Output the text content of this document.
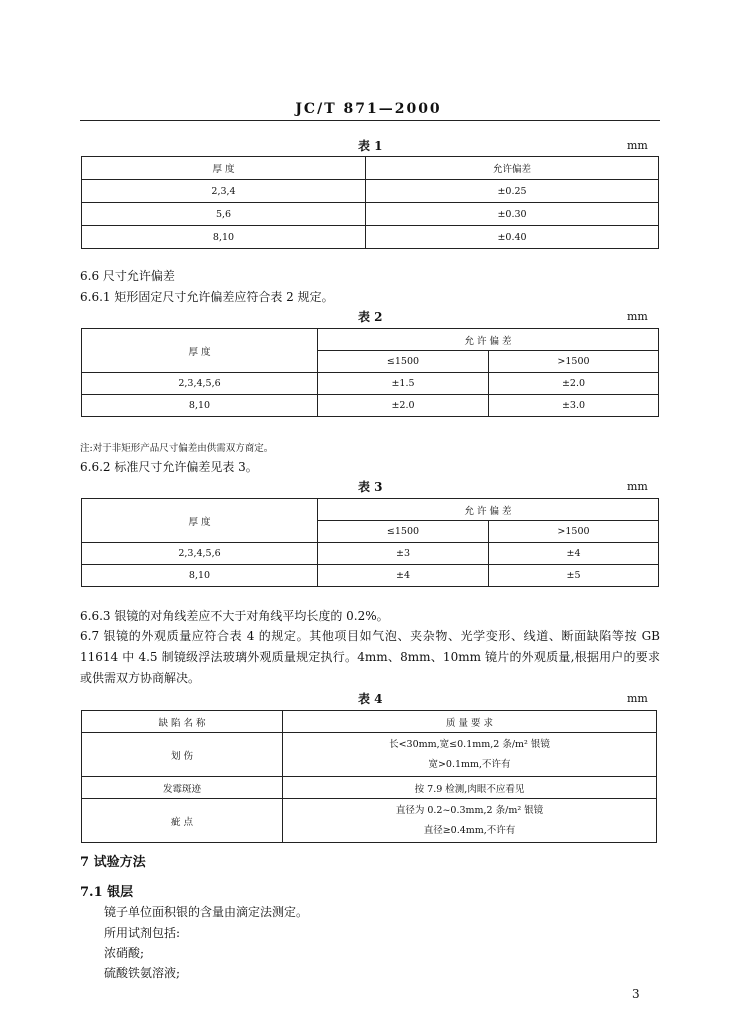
JC/T 871—2000
表 1	mm
厚 度	允许偏差
2,3,4	±0.25
5,6	±0.30
8,10	±0.40
6.6 尺寸允许偏差
6.6.1 矩形固定尺寸允许偏差应符合表 2 规定。
表 2	mm
厚 度	允 许 偏 差	
	≤1500	>1500
2,3,4,5,6	±1.5	±2.0
8,10	±2.0	±3.0
注:对于非矩形产品尺寸偏差由供需双方商定。
6.6.2 标准尺寸允许偏差见表 3。
表 3	mm
厚 度	允 许 偏 差	
	≤1500	>1500
2,3,4,5,6	±3	±4
8,10	±4	±5
6.6.3 银镜的对角线差应不大于对角线平均长度的 0.2%。
6.7 银镜的外观质量应符合表 4 的规定。其他项目如气泡、夹杂物、光学变形、线道、断面缺陷等按 GB 11614 中 4.5 制镜级浮法玻璃外观质量规定执行。4mm、8mm、10mm 镜片的外观质量,根据用户的要求或供需双方协商解决。
表 4	mm
缺 陷 名 称	质 量 要 求
划 伤	长<30mm,宽≤0.1mm,2 条/m² 银镜
宽>0.1mm,不许有

发霉斑迹	按 7.9 检测,肉眼不应看见
疵 点	直径为 0.2~0.3mm,2 条/m² 银镜
直径≥0.4mm,不许有
7 试验方法
7.1 银层
镜子单位面积银的含量由滴定法测定。
所用试剂包括:
浓硝酸;
硫酸铁氨溶液;
3
